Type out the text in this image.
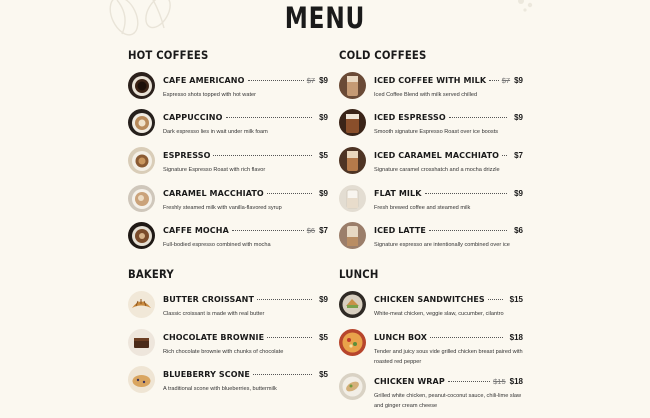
MENU
HOT COFFEES
CAFE AMERICANO	$7 $9
Espresso shots topped with hot water
CAPPUCCINO	$9
Dark espresso lies in wait under milk foam
ESPRESSO	$5
Signature Espresso Roast with rich flavor
CARAMEL MACCHIATO	$9
Freshly steamed milk with vanilla-flavored syrup
CAFFE MOCHA	$6 $7
Full-bodied espresso combined with mocha
COLD COFFEES
ICED COFFEE WITH MILK $7 $9
Iced Coffee Blend with milk served chilled
ICED ESPRESSO	$9
Smooth signature Espresso Roast over ice boosts
ICED CARAMEL MACCHIATO $7
Signature caramel crosshatch and a mocha drizzle
FLAT MILK	$9
Fresh brewed coffee and steamed milk
ICED LATTE	$6
Signature espresso are intentionally combined over ice
BAKERY
BUTTER CROISSANT	$9
Classic croissant is made with real butter
CHOCOLATE BROWNIE	$5
Rich chocolate brownie with chunks of chocolate
BLUEBERRY SCONE	$5
A traditional scone with blueberries, buttermilk
LUNCH
CHICKEN SANDWITCHES	$15
White-meat chicken, veggie slaw, cucumber, cilantro
LUNCH BOX	$18
Tender and juicy sous vide grilled chicken breast paired with roasted red pepper
CHICKEN WRAP	$15 $18
Grilled white chicken, peanut-coconut sauce, chili-lime slaw and ginger cream cheese
